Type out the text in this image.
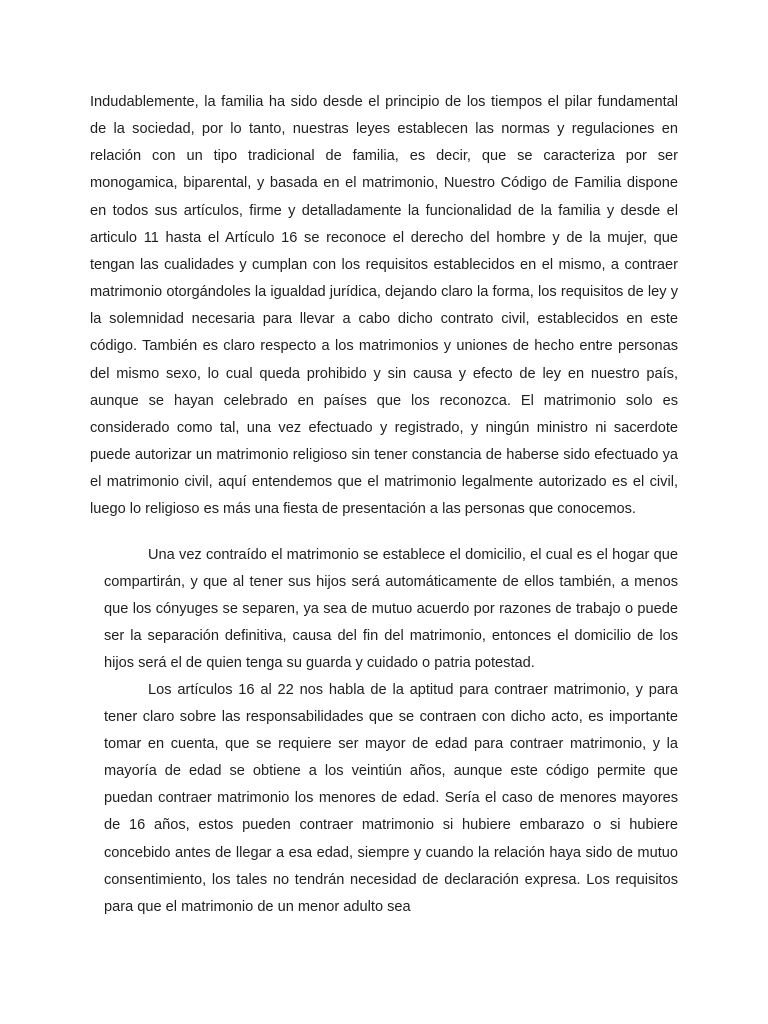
Indudablemente, la familia ha sido desde el principio de los tiempos el pilar fundamental de la sociedad, por lo tanto, nuestras leyes establecen las normas y regulaciones en relación con un tipo tradicional de familia, es decir, que se caracteriza por ser monogamica, biparental, y basada en el matrimonio, Nuestro Código de Familia dispone en todos sus artículos, firme y detalladamente la funcionalidad de la familia y desde el articulo 11 hasta el Artículo 16 se reconoce el derecho del hombre y de la mujer, que tengan las cualidades y cumplan con los requisitos establecidos en el mismo, a contraer matrimonio otorgándoles la igualdad jurídica, dejando claro la forma, los requisitos de ley y la solemnidad necesaria para llevar a cabo dicho contrato civil, establecidos en este código. También es claro respecto a los matrimonios y uniones de hecho entre personas del mismo sexo, lo cual queda prohibido y sin causa y efecto de ley en nuestro país, aunque se hayan celebrado en países que los reconozca. El matrimonio solo es considerado como tal, una vez efectuado y registrado, y ningún ministro ni sacerdote puede autorizar un matrimonio religioso sin tener constancia de haberse sido efectuado ya el matrimonio civil, aquí entendemos que el matrimonio legalmente autorizado es el civil, luego lo religioso es más una fiesta de presentación a las personas que conocemos.

Una vez contraído el matrimonio se establece el domicilio, el cual es el hogar que compartirán, y que al tener sus hijos será automáticamente de ellos también, a menos que los cónyuges se separen, ya sea de mutuo acuerdo por razones de trabajo o puede ser la separación definitiva, causa del fin del matrimonio, entonces el domicilio de los hijos será el de quien tenga su guarda y cuidado o patria potestad.

Los artículos 16 al 22 nos habla de la aptitud para contraer matrimonio, y para tener claro sobre las responsabilidades que se contraen con dicho acto, es importante tomar en cuenta, que se requiere ser mayor de edad para contraer matrimonio, y la mayoría de edad se obtiene a los veintiún años, aunque este código permite que puedan contraer matrimonio los menores de edad. Sería el caso de menores mayores de 16 años, estos pueden contraer matrimonio si hubiere embarazo o si hubiere concebido antes de llegar a esa edad, siempre y cuando la relación haya sido de mutuo consentimiento, los tales no tendrán necesidad de declaración expresa. Los requisitos para que el matrimonio de un menor adulto sea
